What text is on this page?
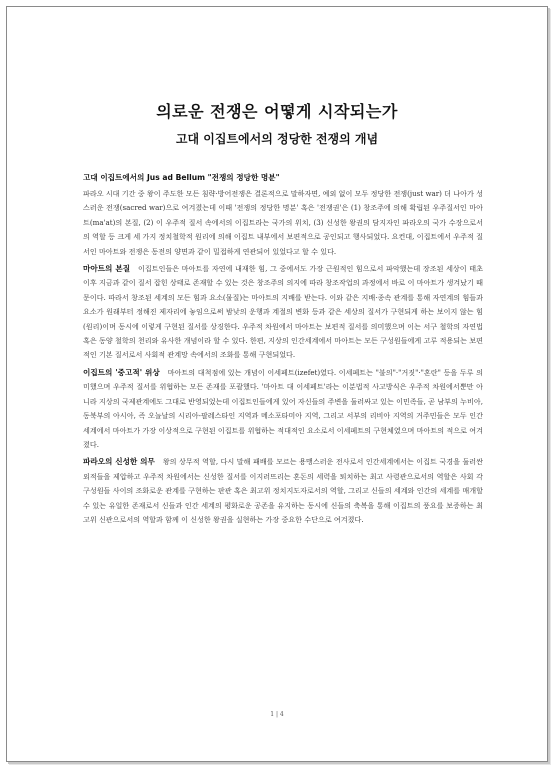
의로운 전쟁은 어떻게 시작되는가
고대 이집트에서의 정당한 전쟁의 개념
고대 이집트에서의 Jus ad Bellum "전쟁의 정당한 명분"

파라오 시대 기간 중 왕이 주도한 모든 침략·방어전쟁은 결론적으로 말하자면, 예외 없이 모두 정당한 전쟁(just war) 더 나아가 성스러운 전쟁(sacred war)으로 여겨졌는데 이때 '전쟁의 정당한 명분' 혹은 '전쟁권'은 (1) 창조주에 의해 확립된 우주질서인 마아트(ma'at)의 본질, (2) 이 우주적 질서 속에서의 이집트라는 국가의 위치, (3) 신성한 왕권의 담지자인 파라오의 국가 수장으로서의 역할 등 크게 세 가지 정치철학적 원리에 의해 이집트 내부에서 보편적으로 공인되고 행사되었다. 요컨대, 이집트에서 우주적 질서인 마아트와 전쟁은 동전의 양면과 같이 밀접하게 연관되어 있었다고 할 수 있다.

마아트의 본질 이집트인들은 마아트를 자연에 내재한 힘, 그 중에서도 가장 근원적인 힘으로서 파악했는데 장조된 세상이 태초 이후 지금과 같이 질서 잡힌 상태로 존재할 수 있는 것은 창조주의 의지에 따라 창조작업의 과정에서 바로 이 마아트가 생겨났기 때문이다. 따라서 창조된 세계의 모든 힘과 요소(물질)는 마아트의 지배를 받는다. 이와 같은 지배·종속 관계를 통해 자연계의 힘들과 요소가 원래부터 정해진 제자리에 놓임으로써 밤낮의 운행과 계절의 변화 등과 같은 세상의 질서가 구현되게 하는 보이지 않는 힘(원리)이며 동시에 이렇게 구현된 질서를 상징한다. 우주적 차원에서 마아트는 보편적 질서를 의미했으며 이는 서구 철학의 자연법 혹은 동양 철학의 천리와 유사한 개념이라 할 수 있다. 한편, 지상의 인간세계에서 마아트는 모든 구성원들에게 고루 적용되는 보편적인 기본 질서로서 사회적 관계망 속에서의 조화를 통해 구현되었다.

이집트의 '중고적' 위상 마아트의 대척점에 있는 개념이 이세페트(izefet)였다. 이세페트는 "불의"·"거짓"·"혼란" 등을 두루 의미했으며 우주적 질서를 위협하는 모든 존재를 포괄했다. '마아트 대 이세페트'라는 이분법적 사고방식은 우주적 차원에서뿐만 아니라 지상의 국제관계에도 그대로 반영되었는데 이집트인들에게 있어 자신들의 주변을 둘러싸고 있는 이민족들, 곧 남부의 누비아, 동북부의 아시아, 즉 오늘날의 시리아-팔레스타인 지역과 메소포타미아 지역, 그리고 서부의 리비아 지역의 거주민들은 모두 인간세계에서 마아트가 가장 이상적으로 구현된 이집트를 위협하는 적대적인 요소로서 이세페트의 구현체였으며 마아트의 적으로 여겨졌다.

파라오의 신성한 의무 왕의 상무적 역할, 다시 말해 패배를 모르는 용맹스러운 전사로서 인간세계에서는 이집트 국경을 둘러싼 외적들을 제압하고 우주적 차원에서는 신성한 질서를 이지러뜨리는 혼돈의 세력을 퇴치하는 최고 사령관으로서의 역할은 사회 각 구성원들 사이의 조화로운 관계를 구현하는 판관 혹은 최고위 정치지도자로서의 역할, 그리고 신들의 세계와 인간의 세계를 매개할 수 있는 유일한 존재로서 신들과 인간 세계의 평화로운 공존을 유지하는 동시에 신들의 축복을 통해 이집트의 풍요를 보증하는 최고위 신관으로서의 역할과 함께 이 신성한 왕권을 실현하는 가장 중요한 수단으로 여겨졌다.

1 | 4
